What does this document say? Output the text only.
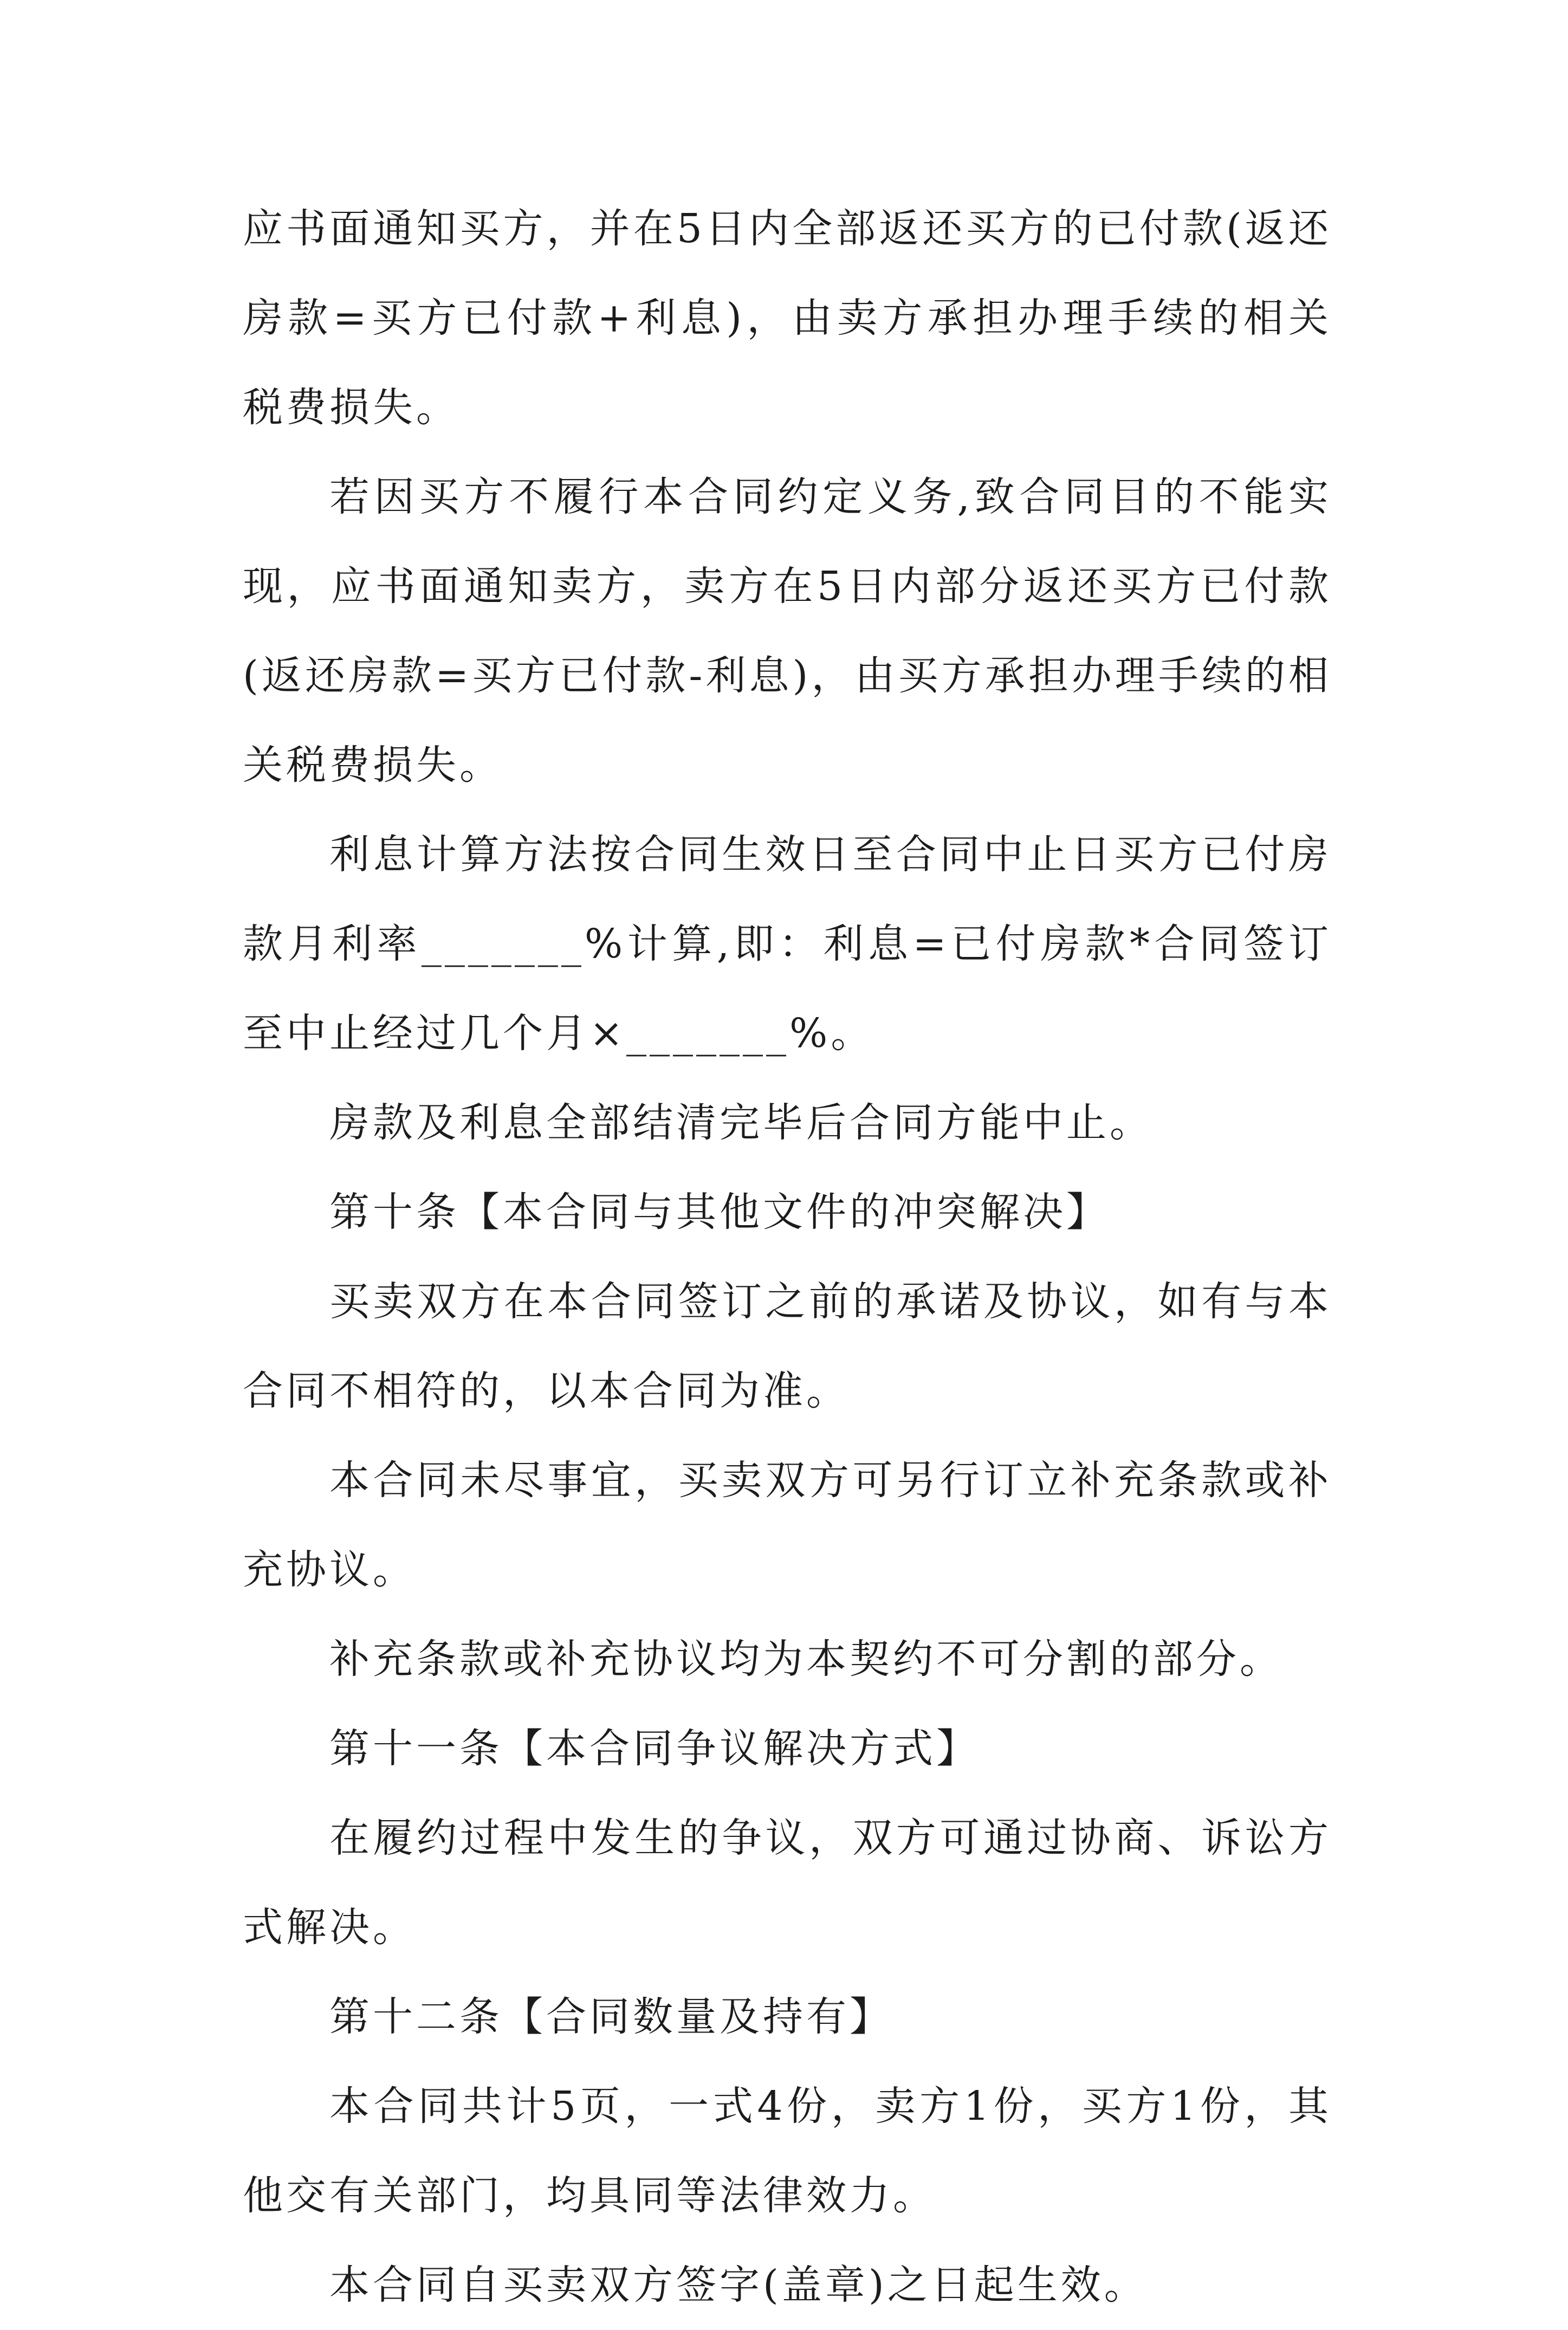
应书面通知买方，并在5日内全部返还买方的已付款(返还房款=买方已付款+利息)，由卖方承担办理手续的相关税费损失。

若因买方不履行本合同约定义务,致合同目的不能实现，应书面通知卖方，卖方在5日内部分返还买方已付款(返还房款=买方已付款-利息)，由买方承担办理手续的相关税费损失。

利息计算方法按合同生效日至合同中止日买方已付房款月利率_______%计算,即：利息=已付房款*合同签订至中止经过几个月×_______%。

房款及利息全部结清完毕后合同方能中止。

第十条【本合同与其他文件的冲突解决】

买卖双方在本合同签订之前的承诺及协议，如有与本合同不相符的，以本合同为准。

本合同未尽事宜，买卖双方可另行订立补充条款或补充协议。

补充条款或补充协议均为本契约不可分割的部分。

第十一条【本合同争议解决方式】

在履约过程中发生的争议，双方可通过协商、诉讼方式解决。

第十二条【合同数量及持有】

本合同共计5页，一式4份，卖方1份，买方1份，其他交有关部门，均具同等法律效力。

本合同自买卖双方签字(盖章)之日起生效。
